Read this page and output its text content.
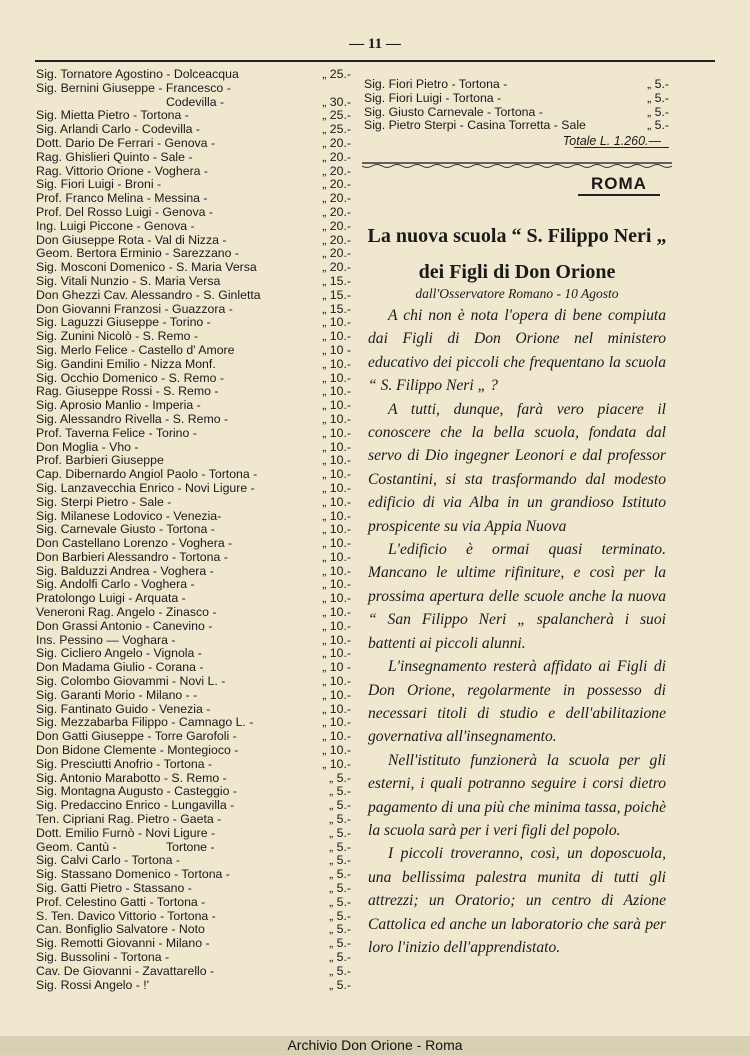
— 11 —
Sig. Tornatore Agostino - Dolceacqua	„ 25.-
Sig. Bernini Giuseppe - Francesco -
Codevilla -	„ 30.-
Sig. Mietta Pietro - Tortona -	„ 25.-
Sig. Arlandi Carlo - Codevilla -	„ 25.-
Dott. Dario De Ferrari - Genova -	„ 20.-
Rag. Ghislieri Quinto - Sale -	„ 20.-
Rag. Vittorio Orione - Voghera -	„ 20.-
Sig. Fiori Luigi - Broni -	„ 20.-
Prof. Franco Melina - Messina -	„ 20.-
Prof. Del Rosso Luigi - Genova -	„ 20.-
Ing. Luigi Piccone - Genova -	„ 20.-
Don Giuseppe Rota - Val di Nizza -	„ 20.-
Geom. Bertora Erminio - Sarezzano -	„ 20.-
Sig. Mosconi Domenico - S. Maria Versa	„ 20.-
Sig. Vitali Nunzio - S. Maria Versa	„ 15.-
Don Ghezzi Cav. Alessandro - S. Ginletta	„ 15.-
Don Giovanni Franzosi - Guazzora -	„ 15.-
Sig. Laguzzi Giuseppe - Torino -	„ 10.-
Sig. Zunini Nicolò - S. Remo -	„ 10.-
Sig. Merlo Felice - Castello d' Amore	„ 10 -
Sig. Gandini Emilio - Nizza Monf.	„ 10.-
Sig. Occhio Domenico - S. Remo -	„ 10.-
Rag. Giuseppe Rossi - S. Remo -	„ 10.-
Sig. Aprosio Manlio - Imperia -	„ 10.-
Sig. Alessandro Rivella - S. Remo -	„ 10.-
Prof. Taverna Felice - Torino -	„ 10.-
Don Moglia - Vho -	„ 10.-
Prof. Barbieri Giuseppe	„ 10.-
Cap. Dibernardo Angiol Paolo - Tortona -	„ 10.-
Sig. Lanzavecchia Enrico - Novi Ligure -	„ 10.-
Sig. Sterpi Pietro - Sale -	„ 10.-
Sig. Milanese Lodovico - Venezia-	„ 10.-
Sig. Carnevale Giusto - Tortona -	„ 10.-
Don Castellano Lorenzo - Voghera -	„ 10.-
Don Barbieri Alessandro - Tortona -	„ 10.-
Sig. Balduzzi Andrea - Voghera -	„ 10.-
Sig. Andolfi Carlo - Voghera -	„ 10.-
Pratolongo Luigi - Arquata -	„ 10.-
Veneroni Rag. Angelo - Zinasco -	„ 10.-
Don Grassi Antonio - Canevino -	„ 10.-
Ins. Pessino — Voghara -	„ 10.-
Sig. Cicliero Angelo - Vignola -	„ 10.-
Don Madama Giulio - Corana -	„ 10 -
Sig. Colombo Giovammi - Novi L. -	„ 10.-
Sig. Garanti Morio - Milano - -	„ 10.-
Sig. Fantinato Guido - Venezia -	„ 10.-
Sig. Mezzabarba Filippo - Camnago L. -	„ 10.-
Don Gatti Giuseppe - Torre Garofoli -	„ 10.-
Don Bidone Clemente - Montegioco -	„ 10.-
Sig. Presciutti Anofrio - Tortona -	„ 10.-
Sig. Antonio Marabotto - S. Remo -	„ 5.-
Sig. Montagna Augusto - Casteggio -	„ 5.-
Sig. Predaccino Enrico - Lungavilla -	„ 5.-
Ten. Cipriani Rag. Pietro - Gaeta -	„ 5.-
Dott. Emilio Furnò - Novi Ligure -	„ 5.-
Geom. Cantù -	Tortone -	„ 5.-
Sig. Calvi Carlo - Tortona -	„ 5.-
Sig. Stassano Domenico - Tortona -	„ 5.-
Sig. Gatti Pietro - Stassano -	„ 5.-
Prof. Celestino Gatti - Tortona -	„ 5.-
S. Ten. Davico Vittorio - Tortona -	„ 5.-
Can. Bonfiglio Salvatore - Noto	„ 5.-
Sig. Remotti Giovanni - Milano -	„ 5.-
Sig. Bussolini - Tortona -	„ 5.-
Cav. De Giovanni - Zavattarello -	„ 5.-
Sig. Rossi Angelo - !'	„ 5.-
Sig. Fiori Pietro - Tortona -	„ 5.-
Sig. Fiori Luigi - Tortona -	„ 5.-
Sig. Giusto Carnevale - Tortona -	„ 5.-
Sig. Pietro Sterpi - Casina Torretta - Sale	„ 5.-
Totale L. 1.260.—
ROMA
La nuova scuola “ S. Filippo Neri „
dei Figli di Don Orione
dall'Osservatore Romano - 10 Agosto

A chi non è nota l'opera di bene compiuta dai Figli di Don Orione nel ministero educativo dei piccoli che frequentano la scuola “ S. Filippo Neri „ ?

A tutti, dunque, farà vero piacere il conoscere che la bella scuola, fondata dal servo di Dio ingegner Leonori e dal professor Costantini, si sta trasformando dal modesto edificio di via Alba in un grandioso Istituto prospicente su via Appia Nuova

L'edificio è ormai quasi terminato. Mancano le ultime rifiniture, e così per la prossima apertura delle scuole anche la nuova “ San Filippo Neri „ spalancherà i suoi battenti ai piccoli alunni.

L'insegnamento resterà affidato ai Figli di Don Orione, regolarmente in possesso di necessari titoli di studio e dell'abilitazione governativa all'insegnamento.

Nell'istituto funzionerà la scuola per gli esterni, i quali potranno seguire i corsi dietro pagamento di una più che minima tassa, poichè la scuola sarà per i veri figli del popolo.

I piccoli troveranno, così, un doposcuola, una bellissima palestra munita di tutti gli attrezzi; un Oratorio; un centro di Azione Cattolica ed anche un laboratorio che sarà per loro l'inizio dell'apprendistato.

Archivio Don Orione - Roma
